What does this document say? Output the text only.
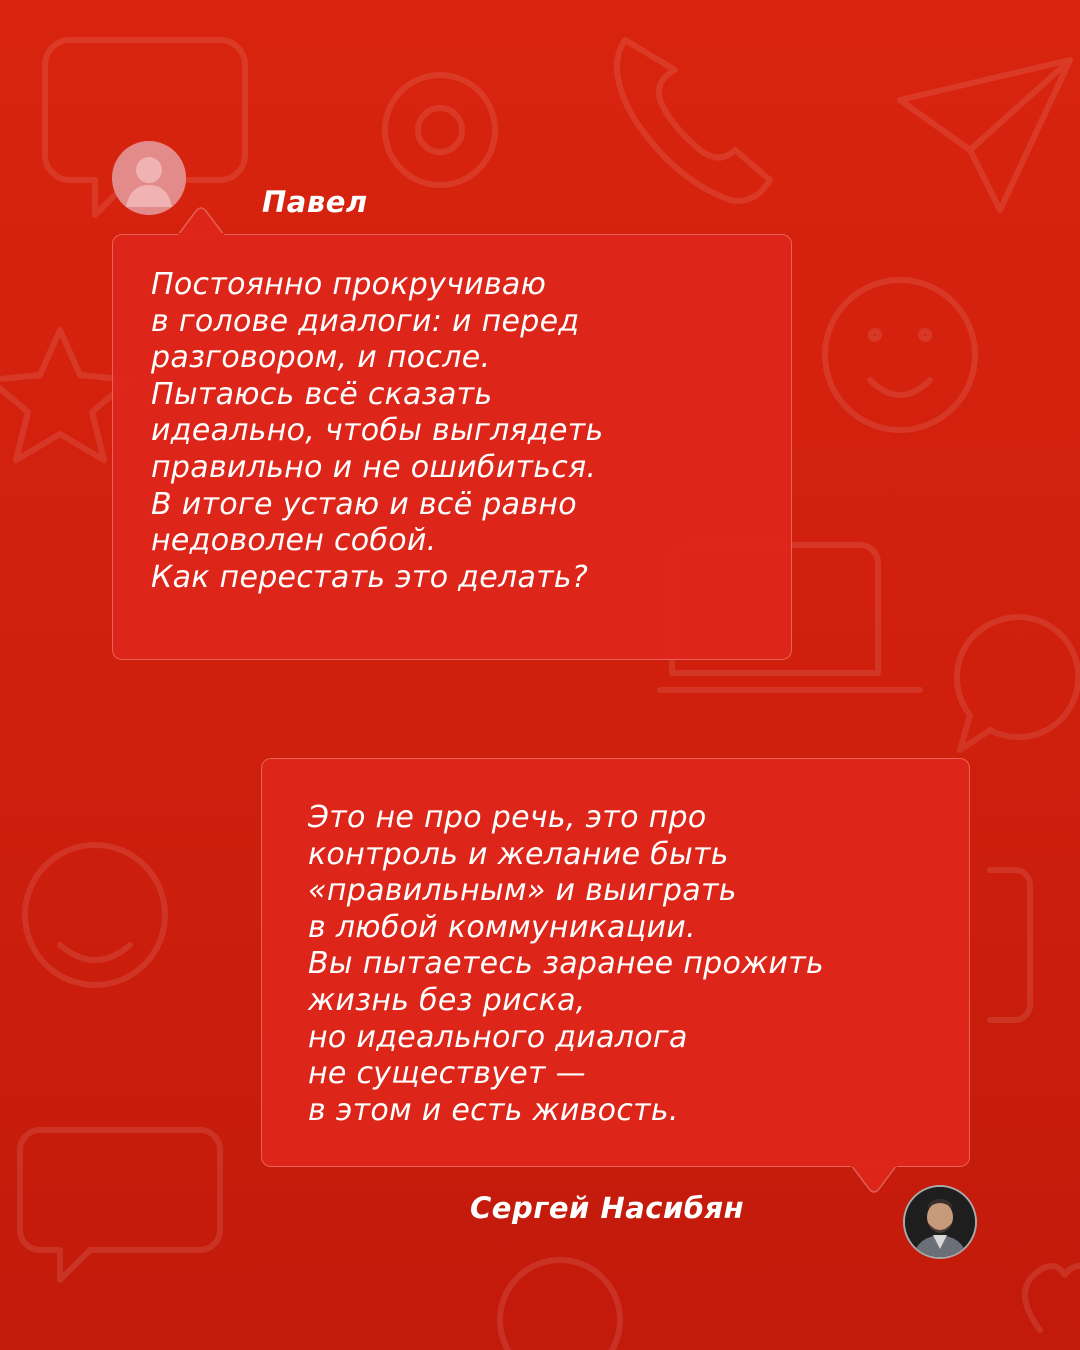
Павел

Постоянно прокручиваю
в голове диалоги: и перед
разговором, и после.
Пытаюсь всё сказать
идеально, чтобы выглядеть
правильно и не ошибиться.
В итоге устаю и всё равно
недоволен собой.
Как перестать это делать?

Это не про речь, это про
контроль и желание быть
«правильным» и выиграть
в любой коммуникации.
Вы пытаетесь заранее прожить
жизнь без риска,
но идеального диалога
не существует —
в этом и есть живость.

Сергей Насибян
